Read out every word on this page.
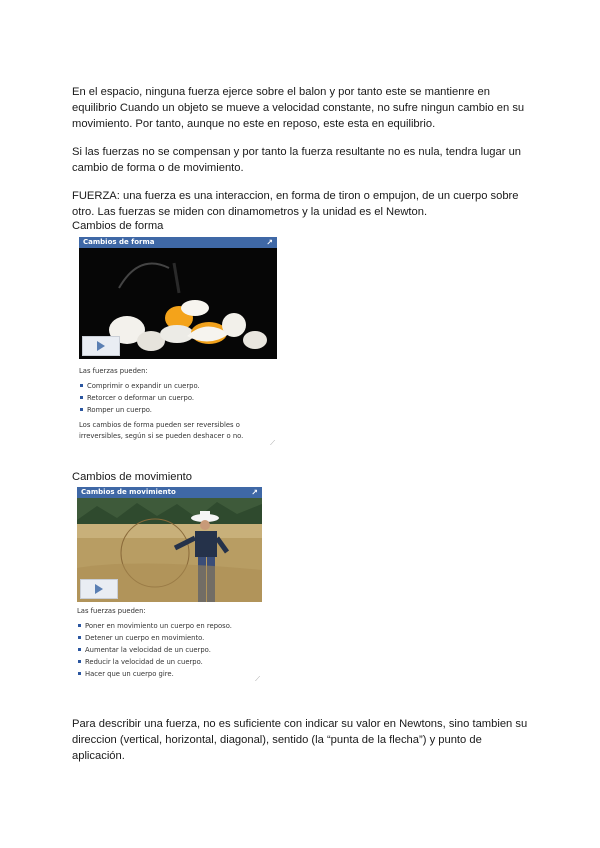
En el espacio, ninguna fuerza ejerce sobre el balon y por tanto este se mantienre en equilibrio Cuando un objeto se mueve a velocidad constante, no sufre ningun cambio en su movimiento. Por tanto, aunque no este en reposo, este esta en equilibrio.

Si las fuerzas no se compensan y por tanto la fuerza resultante no es nula, tendra lugar un cambio de forma o de movimiento.

FUERZA: una fuerza es una interaccion, en forma de tiron o empujon, de un cuerpo sobre otro. Las fuerzas se miden con dinamometros y la unidad es el Newton.

Cambios de forma

Cambios de forma	↗
Las fuerzas pueden:
Comprimir o expandir un cuerpo.
Retorcer o deformar un cuerpo.
Romper un cuerpo.
Los cambios de forma pueden ser reversibles o irreversibles, según si se pueden deshacer o no.
⟋

Cambios de movimiento

Cambios de movimiento	↗
Las fuerzas pueden:
Poner en movimiento un cuerpo en reposo.
Detener un cuerpo en movimiento.
Aumentar la velocidad de un cuerpo.
Reducir la velocidad de un cuerpo.
Hacer que un cuerpo gire.
⟋

Para describir una fuerza, no es suficiente con indicar su valor en Newtons, sino tambien su direccion (vertical, horizontal, diagonal), sentido (la “punta de la flecha”) y punto de aplicación.
